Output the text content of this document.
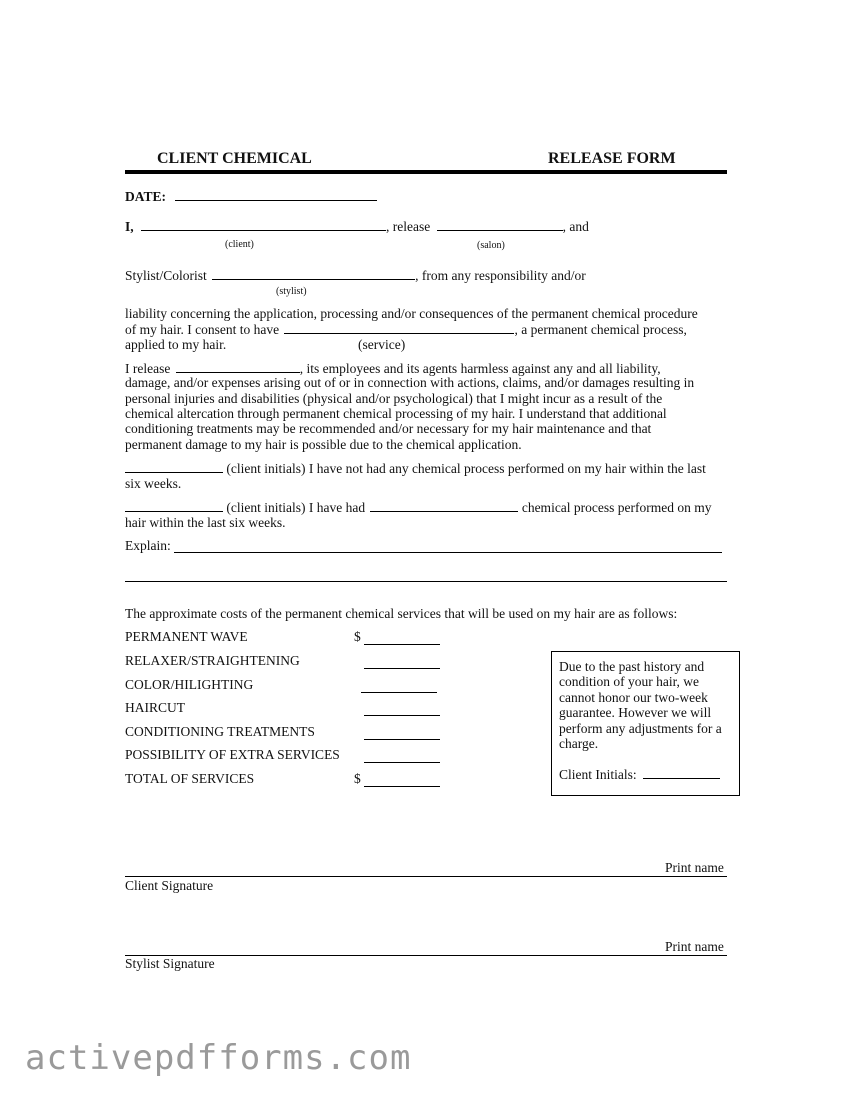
CLIENT CHEMICAL	RELEASE FORM
DATE:
I,	, release	, and
(client)	(salon)
Stylist/Colorist	, from any responsibility and/or
(stylist)
liability concerning the application, processing and/or consequences of the permanent chemical procedure
of my hair. I consent to have	, a permanent chemical process,
applied to my hair.	(service)
I release	, its employees and its agents harmless against any and all liability,
damage, and/or expenses arising out of or in connection with actions, claims, and/or damages resulting in
personal injuries and disabilities (physical and/or psychological) that I might incur as a result of the
chemical altercation through permanent chemical processing of my hair. I understand that additional
conditioning treatments may be recommended and/or necessary for my hair maintenance and that
permanent damage to my hair is possible due to the chemical application.
(client initials) I have not had any chemical process performed on my hair within the last
six weeks.
(client initials) I have had	chemical process performed on my
hair within the last six weeks.
Explain:
The approximate costs of the permanent chemical services that will be used on my hair are as follows:
PERMANENT WAVE	$
RELAXER/STRAIGHTENING
COLOR/HILIGHTING
HAIRCUT
CONDITIONING TREATMENTS
POSSIBILITY OF EXTRA SERVICES
TOTAL OF SERVICES	$
Due to the past history and condition of your hair, we cannot honor our two-week guarantee. However we will perform any adjustments for a charge.
Client Initials:
Print name
Client Signature
Print name
Stylist Signature
activepdfforms.com
